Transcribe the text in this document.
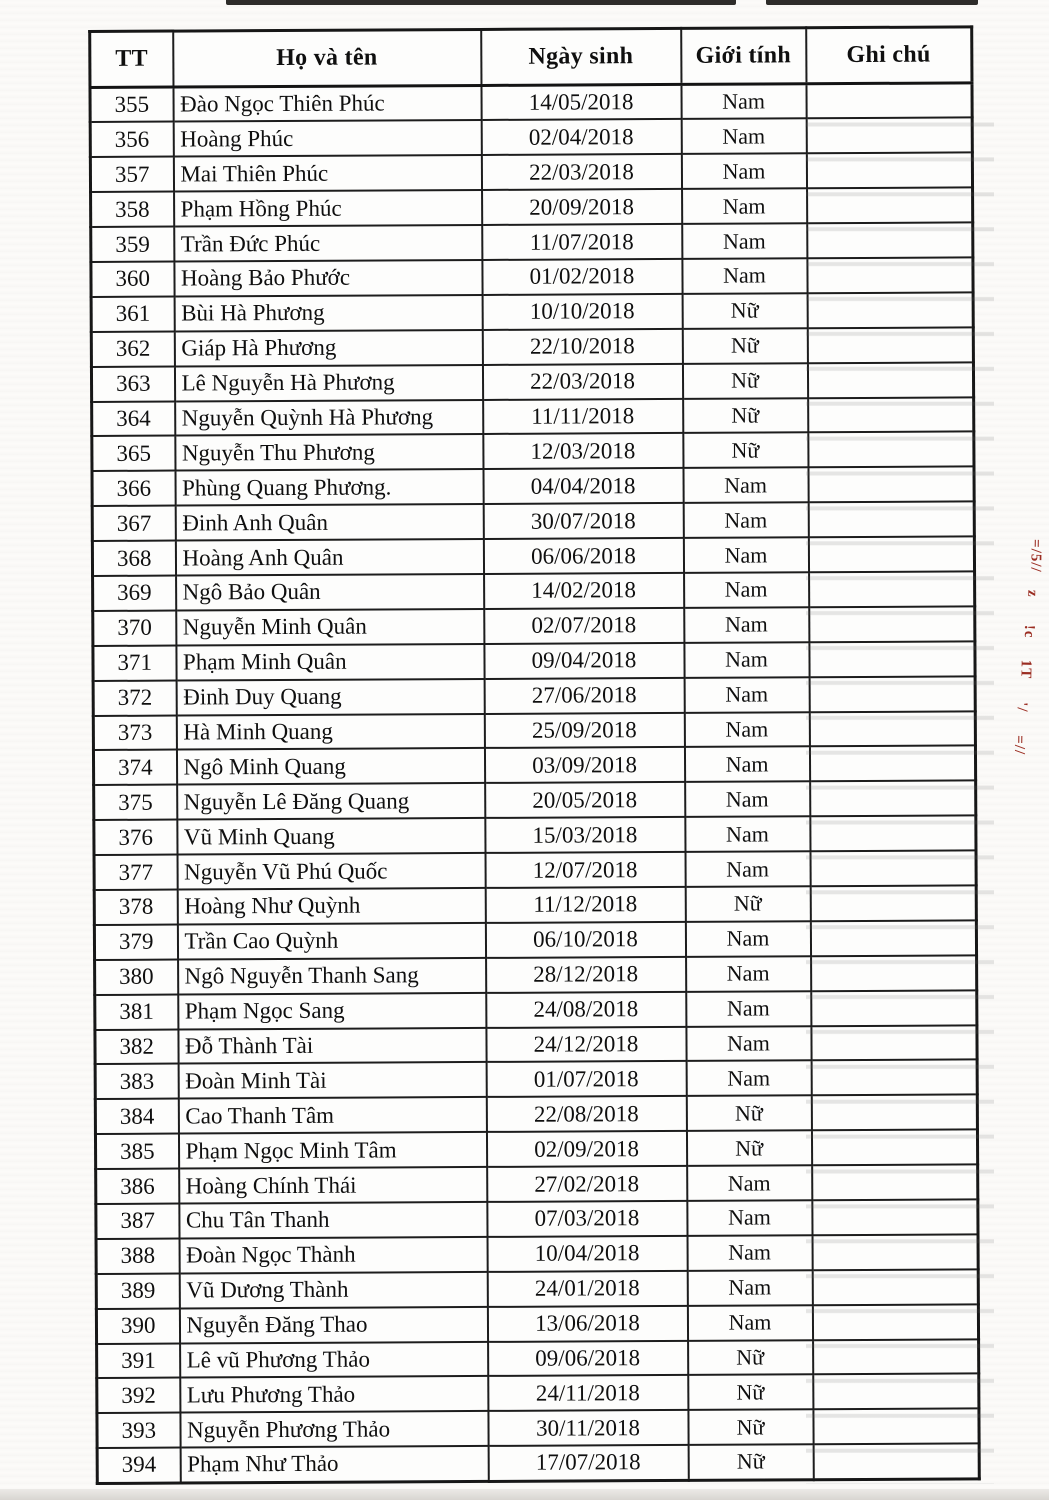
TT	Họ và tên	Ngày sinh	Giới tính	Ghi chú
355	Đào Ngọc Thiên Phúc	14/05/2018	Nam	
356	Hoàng Phúc	02/04/2018	Nam	
357	Mai Thiên Phúc	22/03/2018	Nam	
358	Phạm Hồng Phúc	20/09/2018	Nam	
359	Trần Đức Phúc	11/07/2018	Nam	
360	Hoàng Bảo Phước	01/02/2018	Nam	
361	Bùi Hà Phương	10/10/2018	Nữ	
362	Giáp Hà Phương	22/10/2018	Nữ	
363	Lê Nguyễn Hà Phương	22/03/2018	Nữ	
364	Nguyễn Quỳnh Hà Phương	11/11/2018	Nữ	
365	Nguyễn Thu Phương	12/03/2018	Nữ	
366	Phùng Quang Phương.	04/04/2018	Nam	
367	Đinh Anh Quân	30/07/2018	Nam	
368	Hoàng Anh Quân	06/06/2018	Nam	
369	Ngô Bảo Quân	14/02/2018	Nam	
370	Nguyễn Minh Quân	02/07/2018	Nam	
371	Phạm Minh Quân	09/04/2018	Nam	
372	Đinh Duy Quang	27/06/2018	Nam	
373	Hà Minh Quang	25/09/2018	Nam	
374	Ngô Minh Quang	03/09/2018	Nam	
375	Nguyễn Lê Đăng Quang	20/05/2018	Nam	
376	Vũ Minh Quang	15/03/2018	Nam	
377	Nguyễn Vũ Phú Quốc	12/07/2018	Nam	
378	Hoàng Như Quỳnh	11/12/2018	Nữ	
379	Trần Cao Quỳnh	06/10/2018	Nam	
380	Ngô Nguyễn Thanh Sang	28/12/2018	Nam	
381	Phạm Ngọc Sang	24/08/2018	Nam	
382	Đỗ Thành Tài	24/12/2018	Nam	
383	Đoàn Minh Tài	01/07/2018	Nam	
384	Cao Thanh Tâm	22/08/2018	Nữ	
385	Phạm Ngọc Minh Tâm	02/09/2018	Nữ	
386	Hoàng Chính Thái	27/02/2018	Nam	
387	Chu Tân Thanh	07/03/2018	Nam	
388	Đoàn Ngọc Thành	10/04/2018	Nam	
389	Vũ Dương Thành	24/01/2018	Nam	
390	Nguyễn Đăng Thao	13/06/2018	Nam	
391	Lê vũ Phương Thảo	09/06/2018	Nữ	
392	Lưu Phương Thảo	24/11/2018	Nữ	
393	Nguyễn Phương Thảo	30/11/2018	Nữ	
394	Phạm Như Thảo	17/07/2018	Nữ	
=/5//
z
!c
1T
'/
=//
